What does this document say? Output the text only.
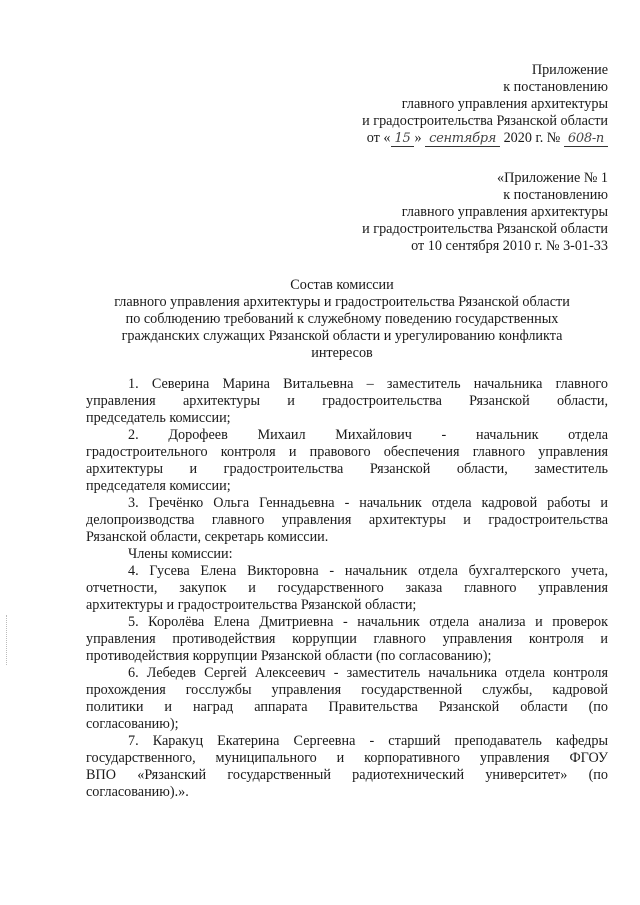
Приложение
к постановлению
главного управления архитектуры
и градостроительства Рязанской области
от « 15 » сентября 2020 г. № 608-п
«Приложение № 1
к постановлению
главного управления архитектуры
и градостроительства Рязанской области
от 10 сентября 2010 г. № 3-01-33
Состав комиссии
главного управления архитектуры и градостроительства Рязанской области
по соблюдению требований к служебному поведению государственных
гражданских служащих Рязанской области и урегулированию конфликта
интересов
1. Северина Марина Витальевна – заместитель начальника главного
управления архитектуры и градостроительства Рязанской области,
председатель комиссии;
2. Дорофеев Михаил Михайлович - начальник отдела
градостроительного контроля и правового обеспечения главного управления
архитектуры и градостроительства Рязанской области, заместитель
председателя комиссии;
3. Гречёнко Ольга Геннадьевна - начальник отдела кадровой работы и
делопроизводства главного управления архитектуры и градостроительства
Рязанской области, секретарь комиссии.
Члены комиссии:
4. Гусева Елена Викторовна - начальник отдела бухгалтерского учета,
отчетности, закупок и государственного заказа главного управления
архитектуры и градостроительства Рязанской области;
5. Королёва Елена Дмитриевна - начальник отдела анализа и проверок
управления противодействия коррупции главного управления контроля и
противодействия коррупции Рязанской области (по согласованию);
6. Лебедев Сергей Алексеевич - заместитель начальника отдела контроля
прохождения госслужбы управления государственной службы, кадровой
политики и наград аппарата Правительства Рязанской области (по
согласованию);
7. Каракуц Екатерина Сергеевна - старший преподаватель кафедры
государственного, муниципального и корпоративного управления ФГОУ
ВПО «Рязанский государственный радиотехнический университет» (по
согласованию).».
